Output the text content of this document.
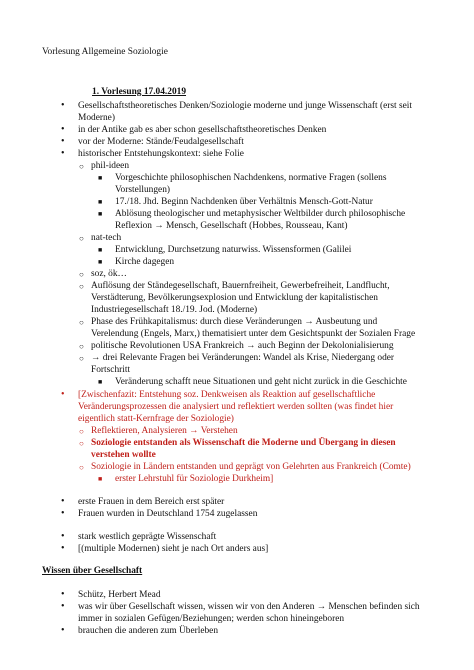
Vorlesung Allgemeine Soziologie
1. Vorlesung 17.04.2019
• Gesellschaftstheoretisches Denken/Soziologie moderne und junge Wissenschaft (erst seit
Moderne)
• in der Antike gab es aber schon gesellschaftstheoretisches Denken
• vor der Moderne: Stände/Feudalgesellschaft
• historischer Entstehungskontext: siehe Folie
○ phil-ideen
■ Vorgeschichte philosophischen Nachdenkens, normative Fragen (sollens
Vorstellungen)
■ 17./18. Jhd. Beginn Nachdenken über Verhältnis Mensch-Gott-Natur
■ Ablösung theologischer und metaphysischer Weltbilder durch philosophische
Reflexion → Mensch, Gesellschaft (Hobbes, Rousseau, Kant)
○ nat-tech
■ Entwicklung, Durchsetzung naturwiss. Wissensformen (Galilei
■ Kirche dagegen
○ soz, ök…
○ Auflösung der Ständegesellschaft, Bauernfreiheit, Gewerbefreiheit, Landflucht,
Verstädterung, Bevölkerungsexplosion und Entwicklung der kapitalistischen
Industriegesellschaft 18./19. Jod. (Moderne)
○ Phase des Frühkapitalismus: durch diese Veränderungen → Ausbeutung und
Verelendung (Engels, Marx,) thematisiert unter dem Gesichtspunkt der Sozialen Frage
○ politische Revolutionen USA Frankreich → auch Beginn der Dekolonialisierung
○ → drei Relevante Fragen bei Veränderungen: Wandel als Krise, Niedergang oder
Fortschritt
■ Veränderung schafft neue Situationen und geht nicht zurück in die Geschichte
• [Zwischenfazit: Entstehung soz. Denkweisen als Reaktion auf gesellschaftliche
Veränderungsprozessen die analysiert und reflektiert werden sollten (was findet hier
eigentlich statt-Kernfrage der Soziologie)
○ Reflektieren, Analysieren → Verstehen
○ Soziologie entstanden als Wissenschaft die Moderne und Übergang in diesen
verstehen wollte
○ Soziologie in Ländern entstanden und geprägt von Gelehrten aus Frankreich (Comte)
■ erster Lehrstuhl für Soziologie Durkheim]
• erste Frauen in dem Bereich erst später
• Frauen wurden in Deutschland 1754 zugelassen
• stark westlich geprägte Wissenschaft
• [(multiple Modernen) sieht je nach Ort anders aus]
Wissen über Gesellschaft
• Schütz, Herbert Mead
• was wir über Gesellschaft wissen, wissen wir von den Anderen → Menschen befinden sich
immer in sozialen Gefügen/Beziehungen; werden schon hineingeboren
• brauchen die anderen zum Überleben
